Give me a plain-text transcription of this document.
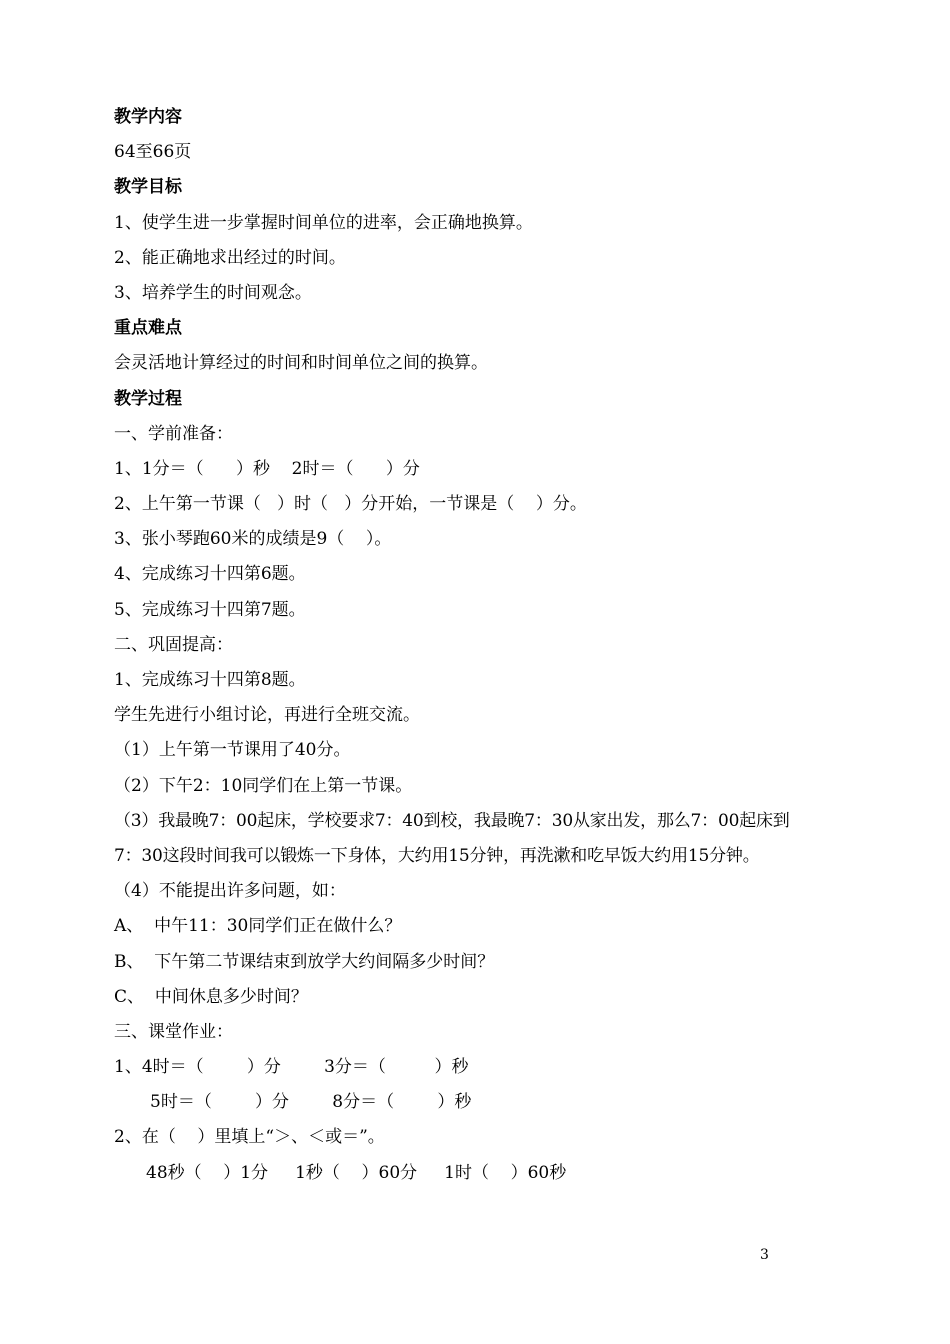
教学内容
64至66页
教学目标
1、使学生进一步掌握时间单位的进率，会正确地换算。
2、能正确地求出经过的时间。
3、培养学生的时间观念。
重点难点
会灵活地计算经过的时间和时间单位之间的换算。
教学过程
一、学前准备：
1、1分＝（      ）秒    2时＝（      ）分
2、上午第一节课（   ）时（   ）分开始，一节课是（    ）分。
3、张小琴跑60米的成绩是9（    ）。
4、完成练习十四第6题。
5、完成练习十四第7题。
二、巩固提高：
1、完成练习十四第8题。
学生先进行小组讨论，再进行全班交流。
（1）上午第一节课用了40分。
（2）下午2：10同学们在上第一节课。
（3）我最晚7：00起床，学校要求7：40到校，我最晚7：30从家出发，那么7：00起床到7：30这段时间我可以锻炼一下身体，大约用15分钟，再洗漱和吃早饭大约用15分钟。
（4）不能提出许多问题，如：
A、  中午11：30同学们正在做什么？
B、  下午第二节课结束到放学大约间隔多少时间？
C、  中间休息多少时间？
三、课堂作业：
1、4时＝（        ）分        3分＝（         ）秒
5时＝（        ）分        8分＝（        ）秒
2、在（    ）里填上“＞、＜或＝”。
48秒（    ）1分     1秒（    ）60分     1时（    ）60秒
3
